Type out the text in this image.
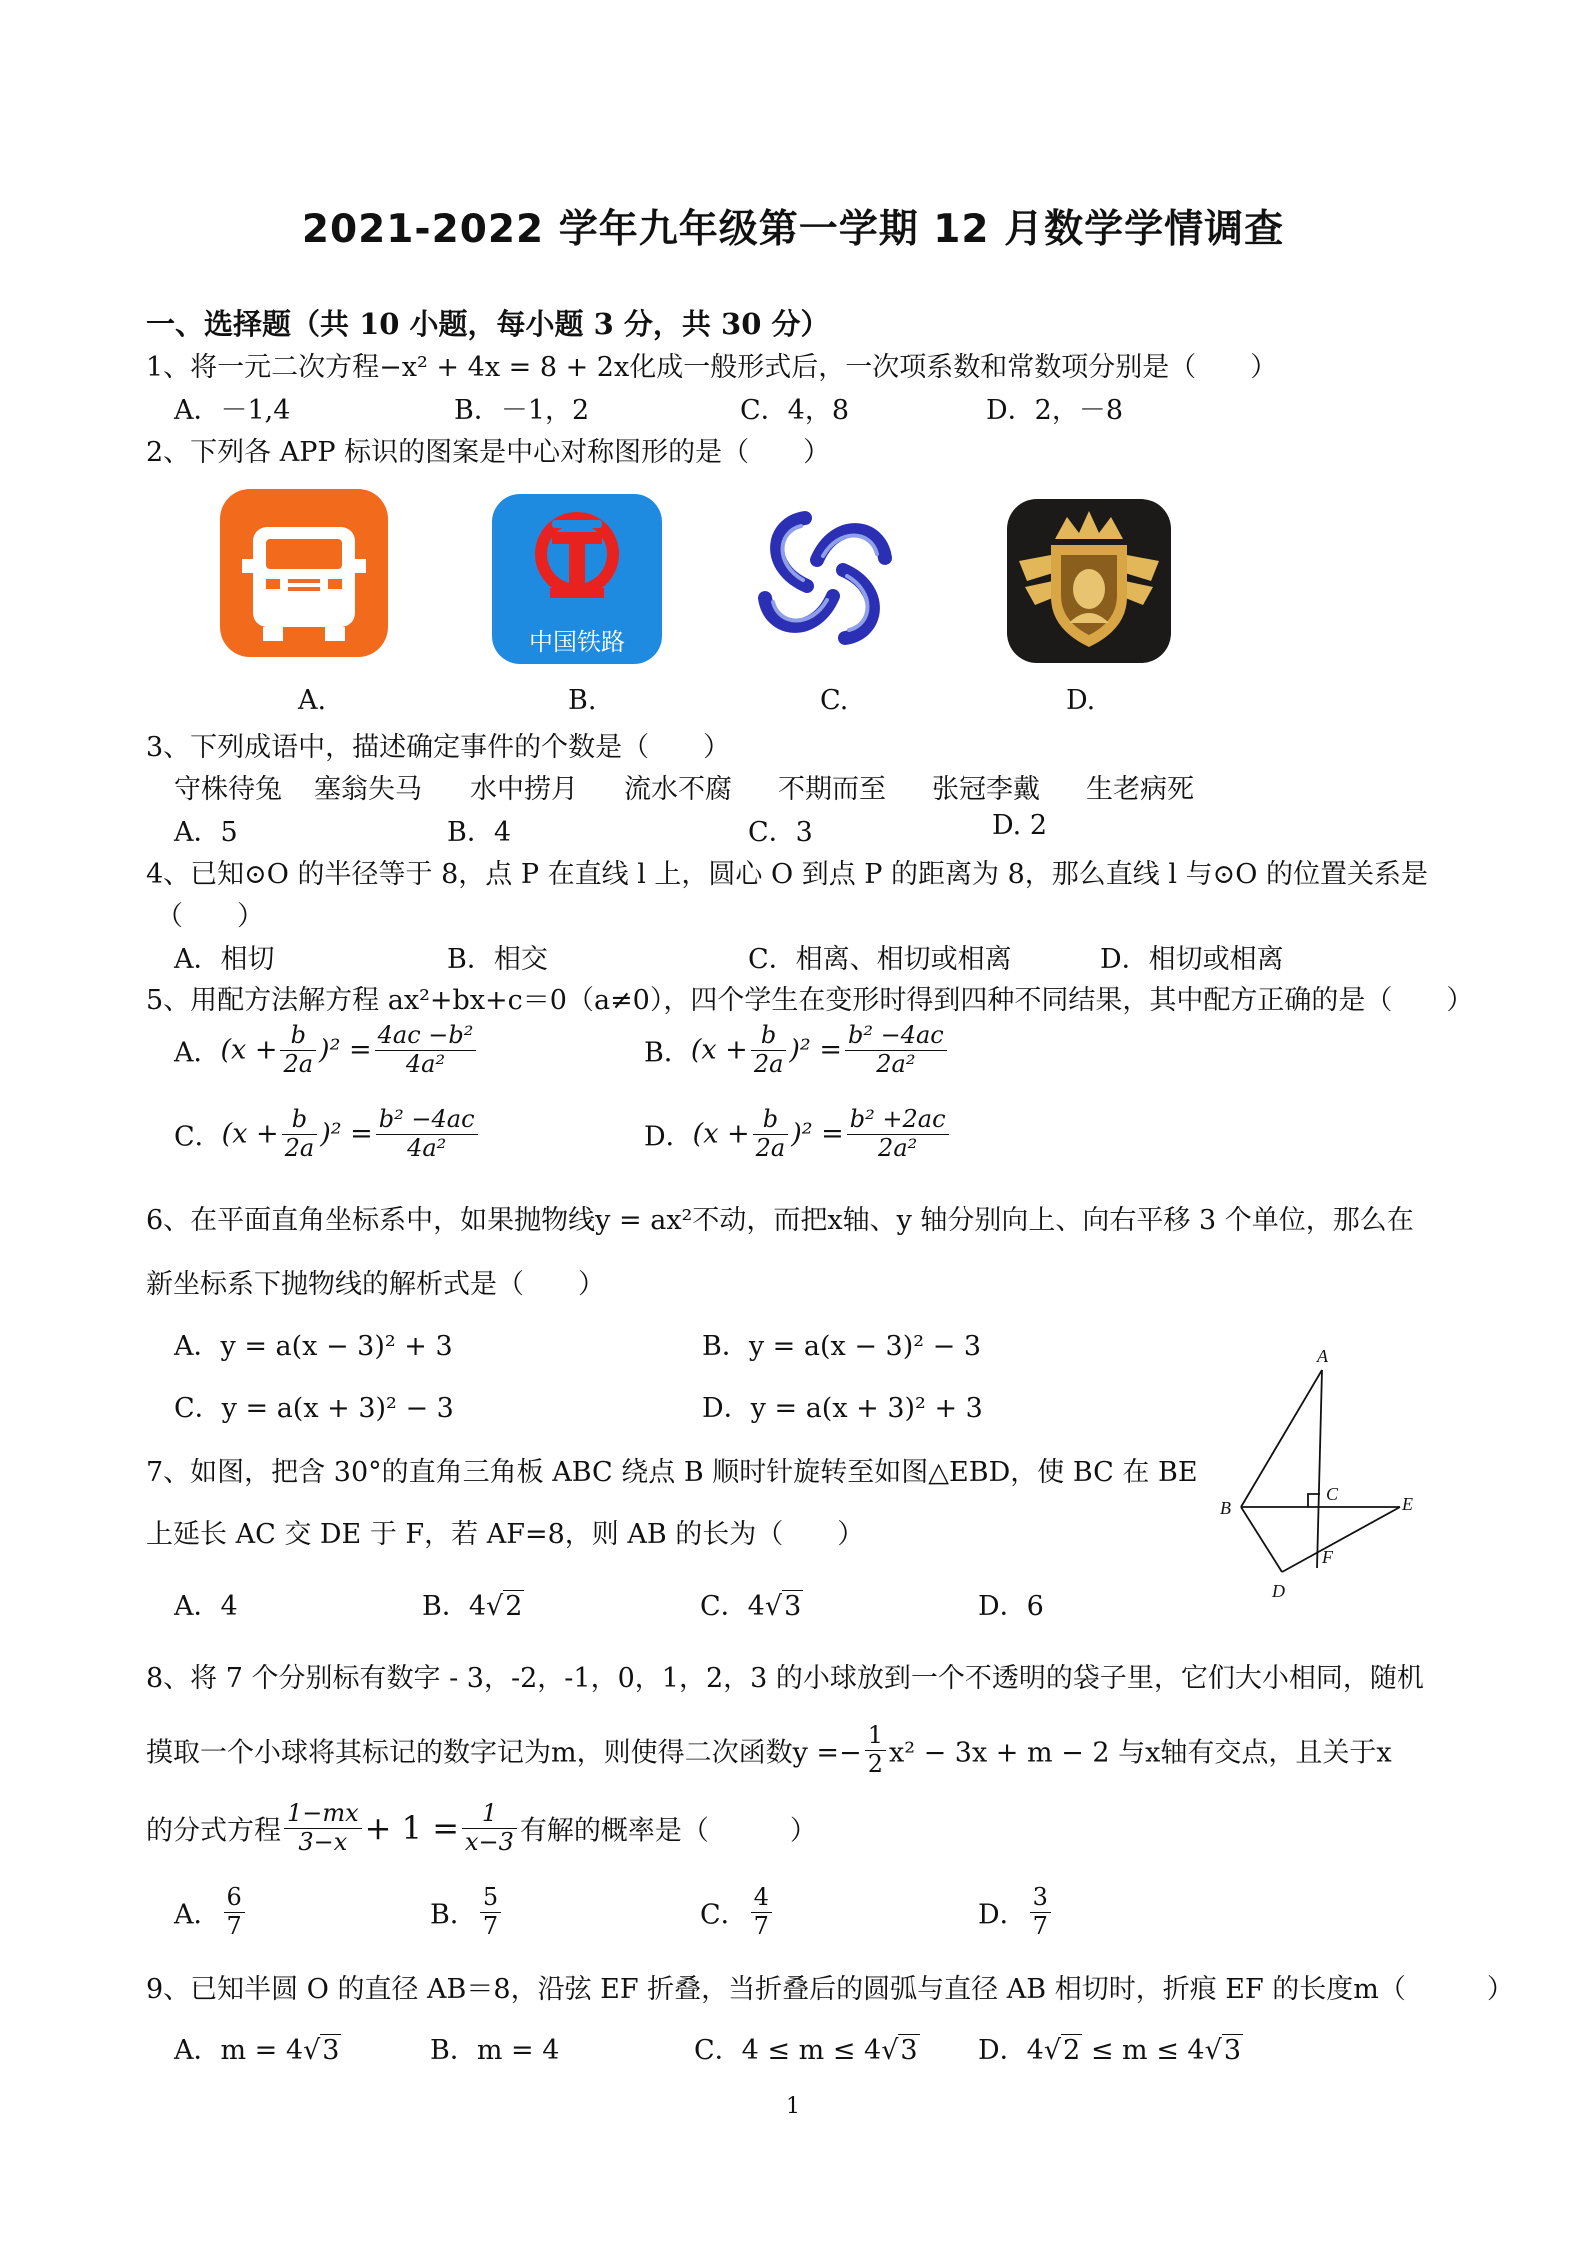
2021-2022 学年九年级第一学期 12 月数学学情调查
一、选择题（共 10 小题，每小题 3 分，共 30 分）
1、将一元二次方程−x² + 4x = 8 + 2x化成一般形式后，一次项系数和常数项分别是（　　）
A．－1,4	B．－1，2	C．4，8	D．2，－8
2、下列各 APP 标识的图案是中心对称图形的是（　　）
中国铁路
A.	B.	C.	D.
3、下列成语中，描述确定事件的个数是（　　）
守株待兔 塞翁失马 水中捞月 流水不腐 不期而至 张冠李戴 生老病死
A．5	B．4	C．3	D. 2
4、已知⊙O 的半径等于 8，点 P 在直线 l 上，圆心 O 到点 P 的距离为 8，那么直线 l 与⊙O 的位置关系是
（　　）
A．相切	B．相交	C．相离、相切或相离	D．相切或相离
5、用配方法解方程 ax²+bx+c＝0（a≠0），四个学生在变形时得到四种不同结果，其中配方正确的是（　　）
A．$(x + \frac{b}{2a} )^2 = \frac{\text{4ac −b²}}{\text{4a²}}$	B．$(x + \frac{b}{2a} )^2 = \frac{\text{b² −4ac}}{\text{2a²}}$
C．$(x + \frac{b}{2a} )^2 = \frac{\text{b² −4ac}}{\text{4a²}}$	D．$(x + \frac{b}{2a} )^2 = \frac{\text{b² +2ac}}{\text{2a²}}$
6、在平面直角坐标系中，如果抛物线y = ax²不动，而把x轴、y 轴分别向上、向右平移 3 个单位，那么在
新坐标系下抛物线的解析式是（　　）
A．y = a(x − 3)² + 3	B．y = a(x − 3)² − 3
C．y = a(x + 3)² − 3	D．y = a(x + 3)² + 3
7、如图，把含 30°的直角三角板 ABC 绕点 B 顺时针旋转至如图△EBD，使 BC 在 BE
上延长 AC 交 DE 于 F，若 AF=8，则 AB 的长为（　　）
A．4	B．4√2	C．4√3	D．6
A
B
C
D
E
F
8、将 7 个分别标有数字 - 3，-2，-1，0，1，2，3 的小球放到一个不透明的袋子里，它们大小相同，随机
摸取一个小球将其标记的数字记为m，则使得二次函数$y =- \frac{1}{2} x^2 - 3x + m - 2$ 与x轴有交点，且关于x
的分式方程 $\frac{1-mx}{3-x} + 1 = \frac{1}{x-3}$ 有解的概率是（　　　）
A． $\frac{6}{7}$	B． $\frac{5}{7}$	C． $\frac{4}{7}$	D． $\frac{3}{7}$
9、已知半圆 O 的直径 AB＝8，沿弦 EF 折叠，当折叠后的圆弧与直径 AB 相切时，折痕 EF 的长度m（　　　）
A．m = 4√3	B．m = 4	C．4 ≤ m ≤ 4√3 D．4√2 ≤ m ≤ 4√3
1
